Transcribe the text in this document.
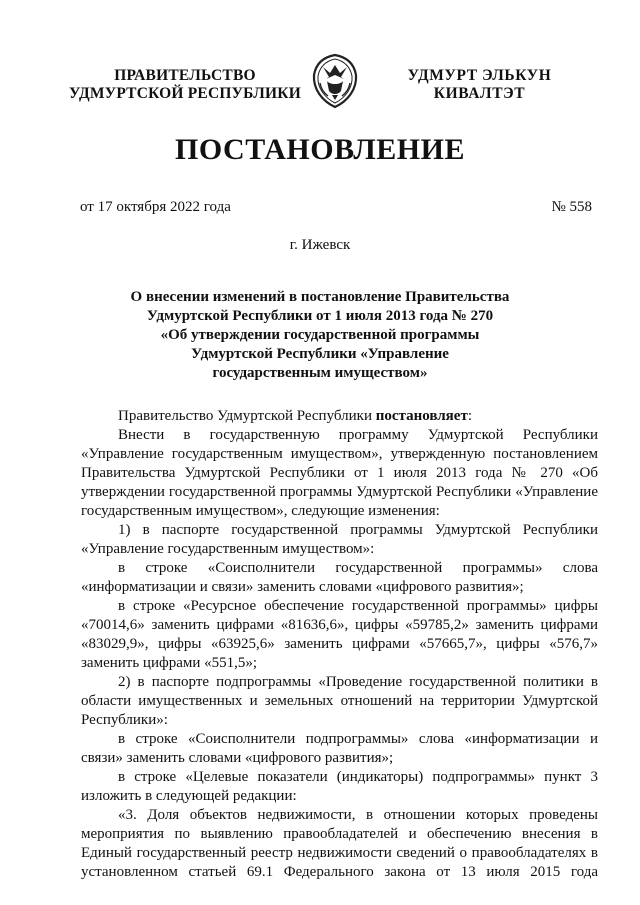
ПРАВИТЕЛЬСТВО
УДМУРТСКОЙ РЕСПУБЛИКИ
УДМУРТ ЭЛЬКУН
КИВАЛТЭТ
ПОСТАНОВЛЕНИЕ
от 17 октября 2022 года	№ 558
г. Ижевск
О внесении изменений в постановление Правительства
Удмуртской Республики от 1 июля 2013 года № 270
«Об утверждении государственной программы
Удмуртской Республики «Управление
государственным имуществом»

Правительство Удмуртской Республики постановляет:

Внести в государственную программу Удмуртской Республики «Управление государственным имуществом», утвержденную постановлением Правительства Удмуртской Республики от 1 июля 2013 года № 270 «Об утверждении государственной программы Удмуртской Республики «Управление государственным имуществом», следующие изменения:

1) в паспорте государственной программы Удмуртской Республики «Управление государственным имуществом»:

в строке «Соисполнители государственной программы» слова «информатизации и связи» заменить словами «цифрового развития»;

в строке «Ресурсное обеспечение государственной программы» цифры «70014,6» заменить цифрами «81636,6», цифры «59785,2» заменить цифрами «83029,9», цифры «63925,6» заменить цифрами «57665,7», цифры «576,7» заменить цифрами «551,5»;

2) в паспорте подпрограммы «Проведение государственной политики в области имущественных и земельных отношений на территории Удмуртской Республики»:

в строке «Соисполнители подпрограммы» слова «информатизации и связи» заменить словами «цифрового развития»;

в строке «Целевые показатели (индикаторы) подпрограммы» пункт 3 изложить в следующей редакции:

«3. Доля объектов недвижимости, в отношении которых проведены мероприятия по выявлению правообладателей и обеспечению внесения в Единый государственный реестр недвижимости сведений о правообладателях в установленном статьей 69.1 Федерального закона от 13 июля 2015 года
